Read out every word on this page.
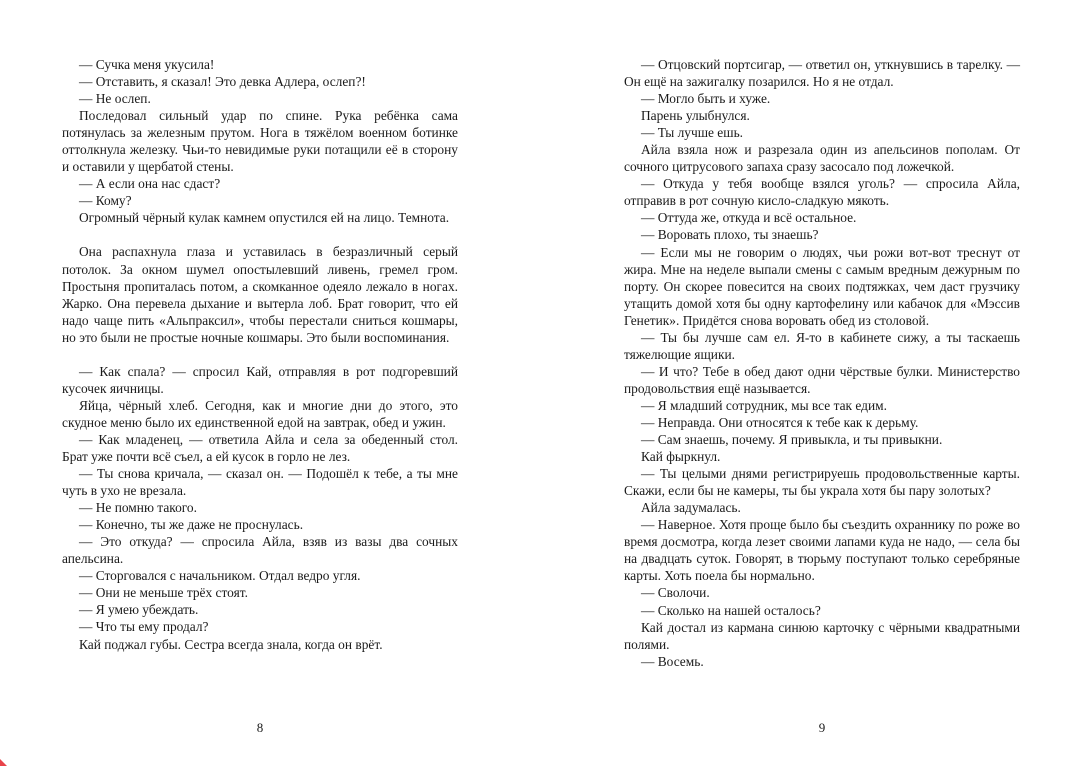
— Сучка меня укусила!

— Отставить, я сказал! Это девка Адлера, ослеп?!

— Не ослеп.

Последовал сильный удар по спине. Рука ребёнка сама потянулась за железным прутом. Нога в тяжёлом военном ботинке оттолкнула железку. Чьи-то невидимые руки потащили её в сторону и оставили у щербатой стены.

— А если она нас сдаст?

— Кому?

Огромный чёрный кулак камнем опустился ей на лицо. Темнота.

Она распахнула глаза и уставилась в безразличный серый потолок. За окном шумел опостылевший ливень, гремел гром. Простыня пропиталась потом, а скомканное одеяло лежало в ногах. Жарко. Она перевела дыхание и вытерла лоб. Брат говорит, что ей надо чаще пить «Альпраксил», чтобы перестали сниться кошмары, но это были не простые ночные кошмары. Это были воспоминания.

— Как спала? — спросил Кай, отправляя в рот подгоревший кусочек яичницы.

Яйца, чёрный хлеб. Сегодня, как и многие дни до этого, это скудное меню было их единственной едой на завтрак, обед и ужин.

— Как младенец, — ответила Айла и села за обеденный стол. Брат уже почти всё съел, а ей кусок в горло не лез.

— Ты снова кричала, — сказал он. — Подошёл к тебе, а ты мне чуть в ухо не врезала.

— Не помню такого.

— Конечно, ты же даже не проснулась.

— Это откуда? — спросила Айла, взяв из вазы два сочных апельсина.

— Сторговался с начальником. Отдал ведро угля.

— Они не меньше трёх стоят.

— Я умею убеждать.

— Что ты ему продал?

Кай поджал губы. Сестра всегда знала, когда он врёт.

— Отцовский портсигар, — ответил он, уткнувшись в тарелку. — Он ещё на зажигалку позарился. Но я не отдал.

— Могло быть и хуже.

Парень улыбнулся.

— Ты лучше ешь.

Айла взяла нож и разрезала один из апельсинов пополам. От сочного цитрусового запаха сразу засосало под ложечкой.

— Откуда у тебя вообще взялся уголь? — спросила Айла, отправив в рот сочную кисло-сладкую мякоть.

— Оттуда же, откуда и всё остальное.

— Воровать плохо, ты знаешь?

— Если мы не говорим о людях, чьи рожи вот-вот треснут от жира. Мне на неделе выпали смены с самым вредным дежурным по порту. Он скорее повесится на своих подтяжках, чем даст грузчику утащить домой хотя бы одну картофелину или кабачок для «Мэссив Генетик». Придётся снова воровать обед из столовой.

— Ты бы лучше сам ел. Я-то в кабинете сижу, а ты таскаешь тяжелющие ящики.

— И что? Тебе в обед дают одни чёрствые булки. Министерство продовольствия ещё называется.

— Я младший сотрудник, мы все так едим.

— Неправда. Они относятся к тебе как к дерьму.

— Сам знаешь, почему. Я привыкла, и ты привыкни.

Кай фыркнул.

— Ты целыми днями регистрируешь продовольственные карты. Скажи, если бы не камеры, ты бы украла хотя бы пару золотых?

Айла задумалась.

— Наверное. Хотя проще было бы съездить охраннику по роже во время досмотра, когда лезет своими лапами куда не надо, — села бы на двадцать суток. Говорят, в тюрьму поступают только серебряные карты. Хоть поела бы нормально.

— Сволочи.

— Сколько на нашей осталось?

Кай достал из кармана синюю карточку с чёрными квадратными полями.

— Восемь.

8	9
